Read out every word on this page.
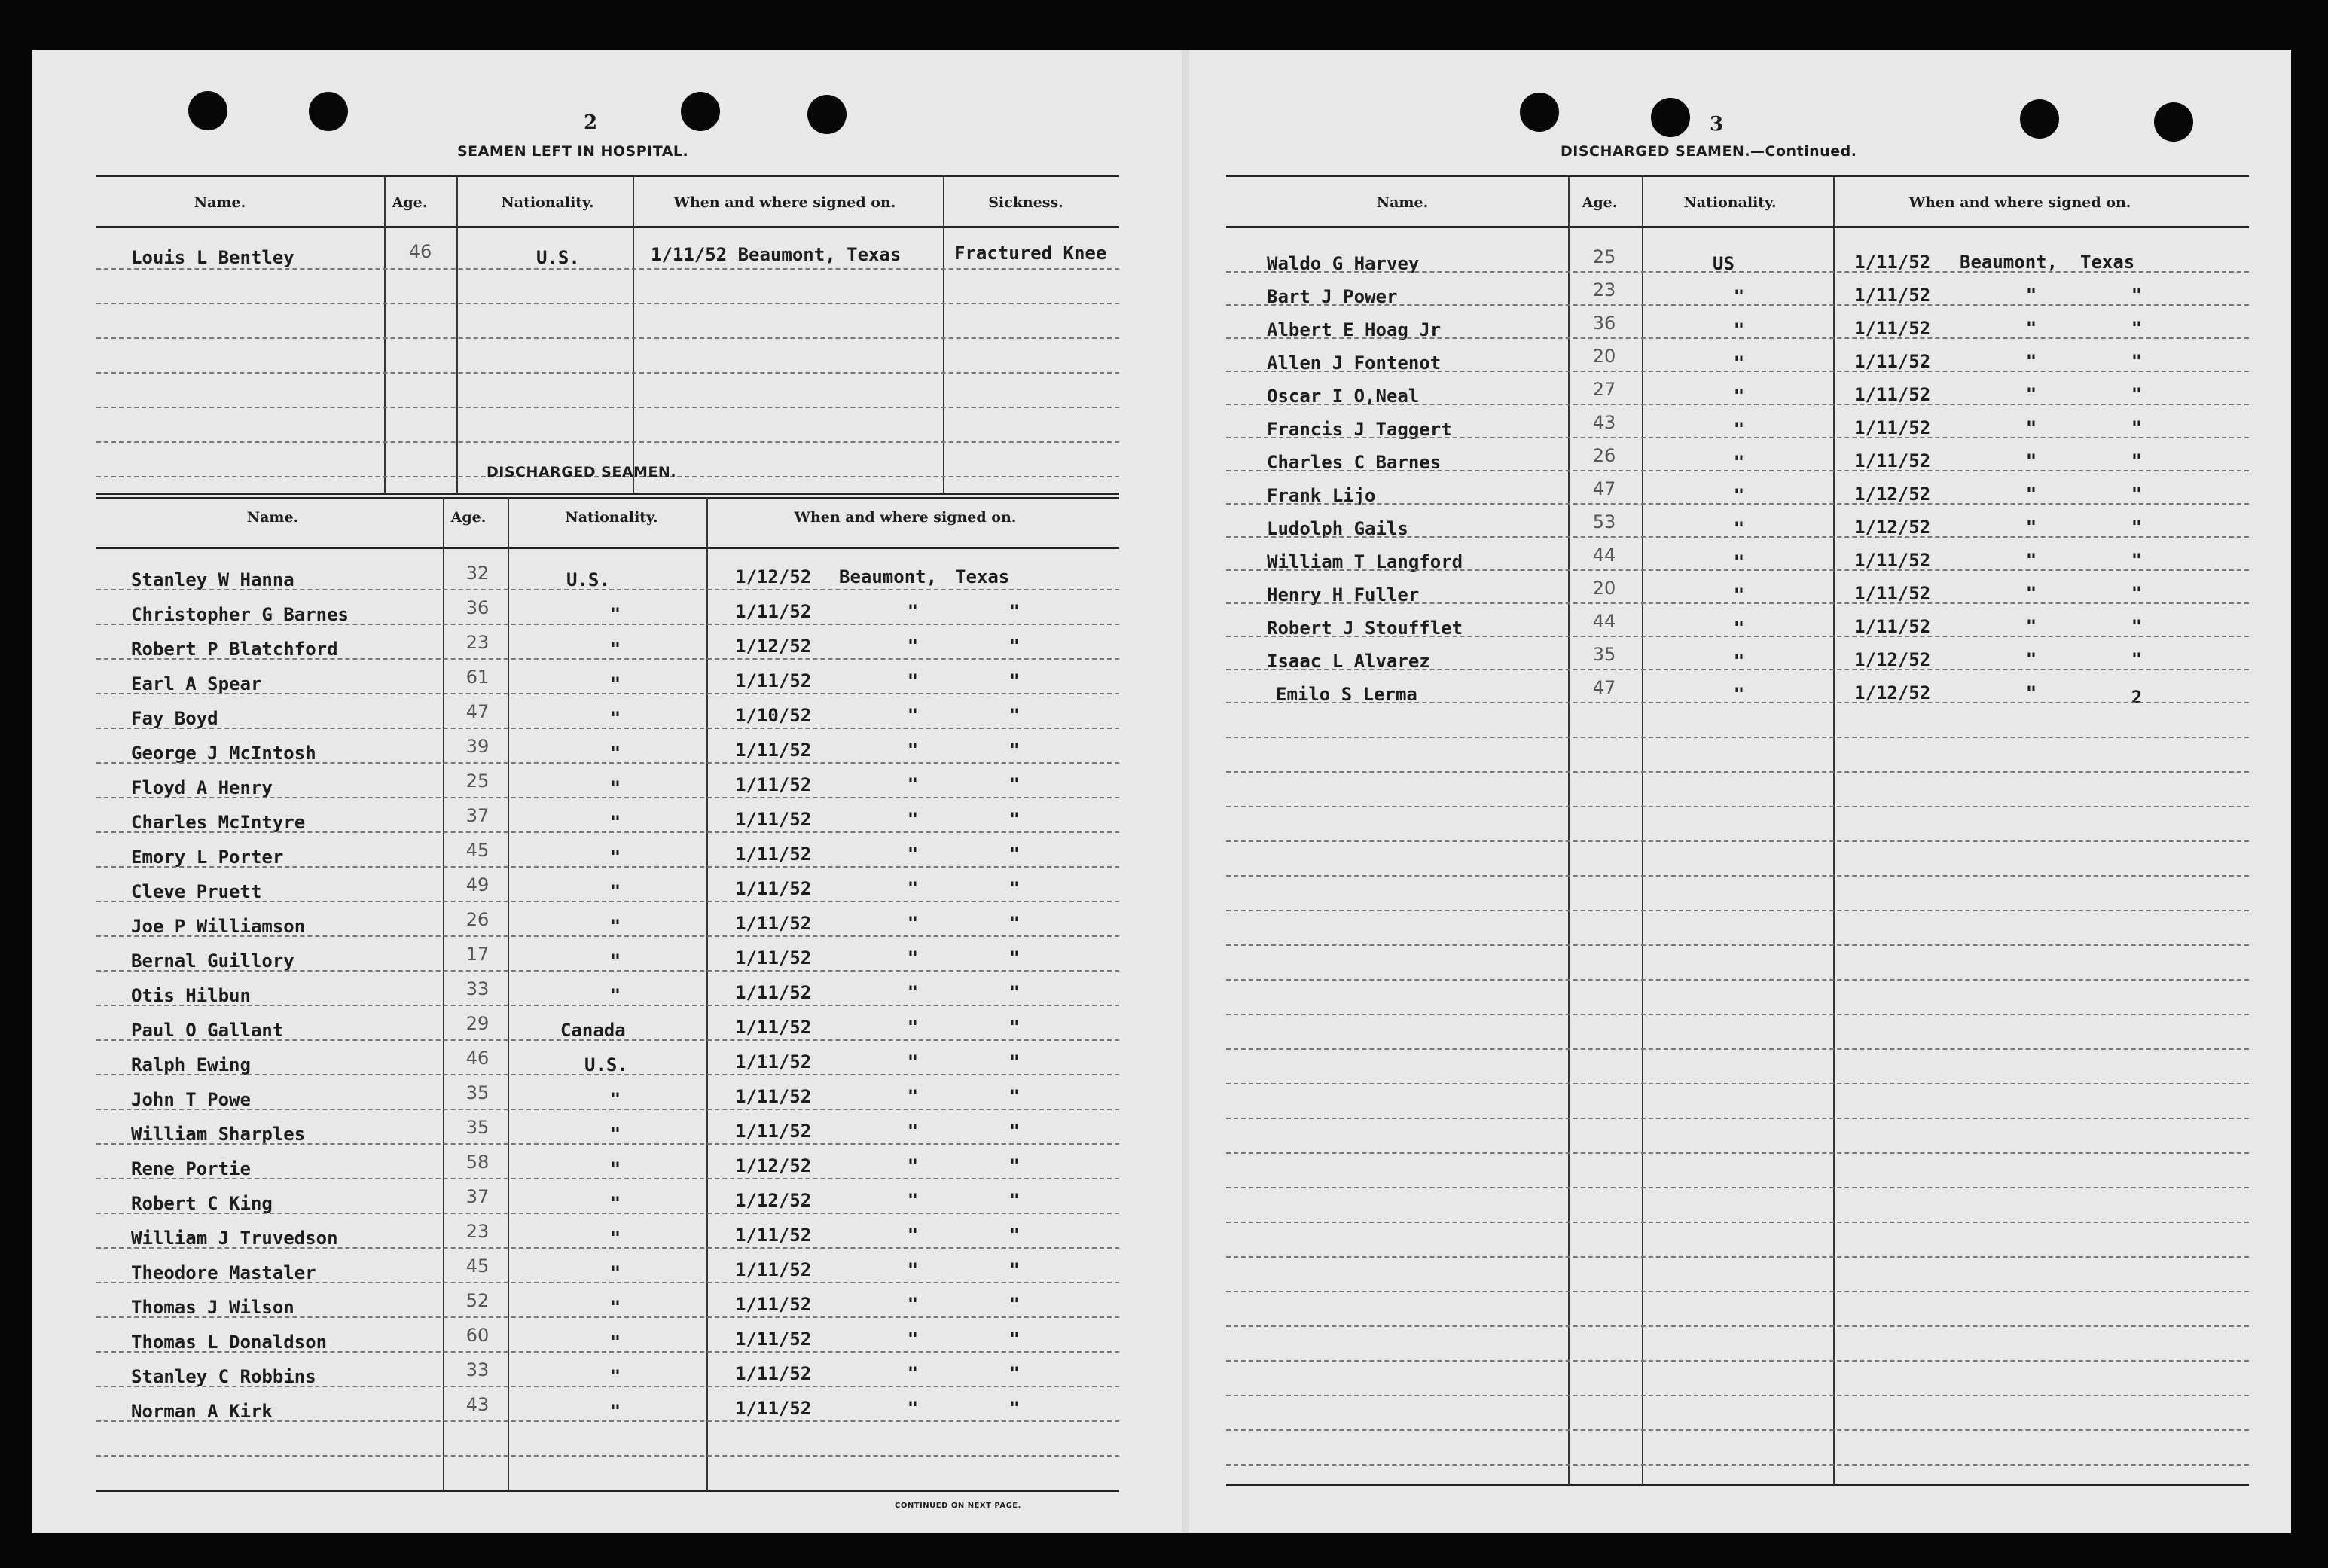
2
SEAMEN LEFT IN HOSPITAL.
Name.	Age.	Nationality.	When and where signed on.	Sickness.
Louis L Bentley	46	U.S.	1/11/52 Beaumont, Texas	Fractured Knee
DISCHARGED SEAMEN.
Name.	Age.	Nationality.	When and where signed on.
CONTINUED ON NEXT PAGE.
Stanley W Hanna	32	U.S.	1/12/52 Beaumont, Texas
Christopher G Barnes	36	"	1/11/52	"	"
Robert P Blatchford	23	"	1/12/52	"	"
Earl A Spear	61	"	1/11/52	"	"
Fay Boyd	47	"	1/10/52	"	"
George J McIntosh	39	"	1/11/52	"	"
Floyd A Henry	25	"	1/11/52	"	"
Charles McIntyre	37	"	1/11/52	"	"
Emory L Porter	45	"	1/11/52	"	"
Cleve Pruett	49	"	1/11/52	"	"
Joe P Williamson	26	"	1/11/52	"	"
Bernal Guillory	17	"	1/11/52	"	"
Otis Hilbun	33	"	1/11/52	"	"
Paul O Gallant	29	Canada	1/11/52	"	"
Ralph Ewing	46	U.S.	1/11/52	"	"
John T Powe	35	"	1/11/52	"	"
William Sharples	35	"	1/11/52	"	"
Rene Portie	58	"	1/12/52	"	"
Robert C King	37	"	1/12/52	"	"
William J Truvedson	23	"	1/11/52	"	"
Theodore Mastaler	45	"	1/11/52	"	"
Thomas J Wilson	52	"	1/11/52	"	"
Thomas L Donaldson	60	"	1/11/52	"	"
Stanley C Robbins	33	"	1/11/52	"	"
Norman A Kirk	43	"	1/11/52	"	"
3
DISCHARGED SEAMEN.—Continued.
Name.	Age.	Nationality.	When and where signed on.
Waldo G Harvey	25	US	1/11/52 Beaumont, Texas
Bart J Power	23	"	1/11/52	"	"
Albert E Hoag Jr	36	"	1/11/52	"	"
Allen J Fontenot	20	"	1/11/52	"	"
Oscar I O,Neal	27	"	1/11/52	"	"
Francis J Taggert	43	"	1/11/52	"	"
Charles C Barnes	26	"	1/11/52	"	"
Frank Lijo	47	"	1/12/52	"	"
Ludolph Gails	53	"	1/12/52	"	"
William T Langford	44	"	1/11/52	"	"
Henry H Fuller	20	"	1/11/52	"	"
Robert J Stoufflet	44	"	1/11/52	"	"
Isaac L Alvarez	35	"	1/12/52	"	"
Emilo S Lerma	47	"	1/12/52	"	2
